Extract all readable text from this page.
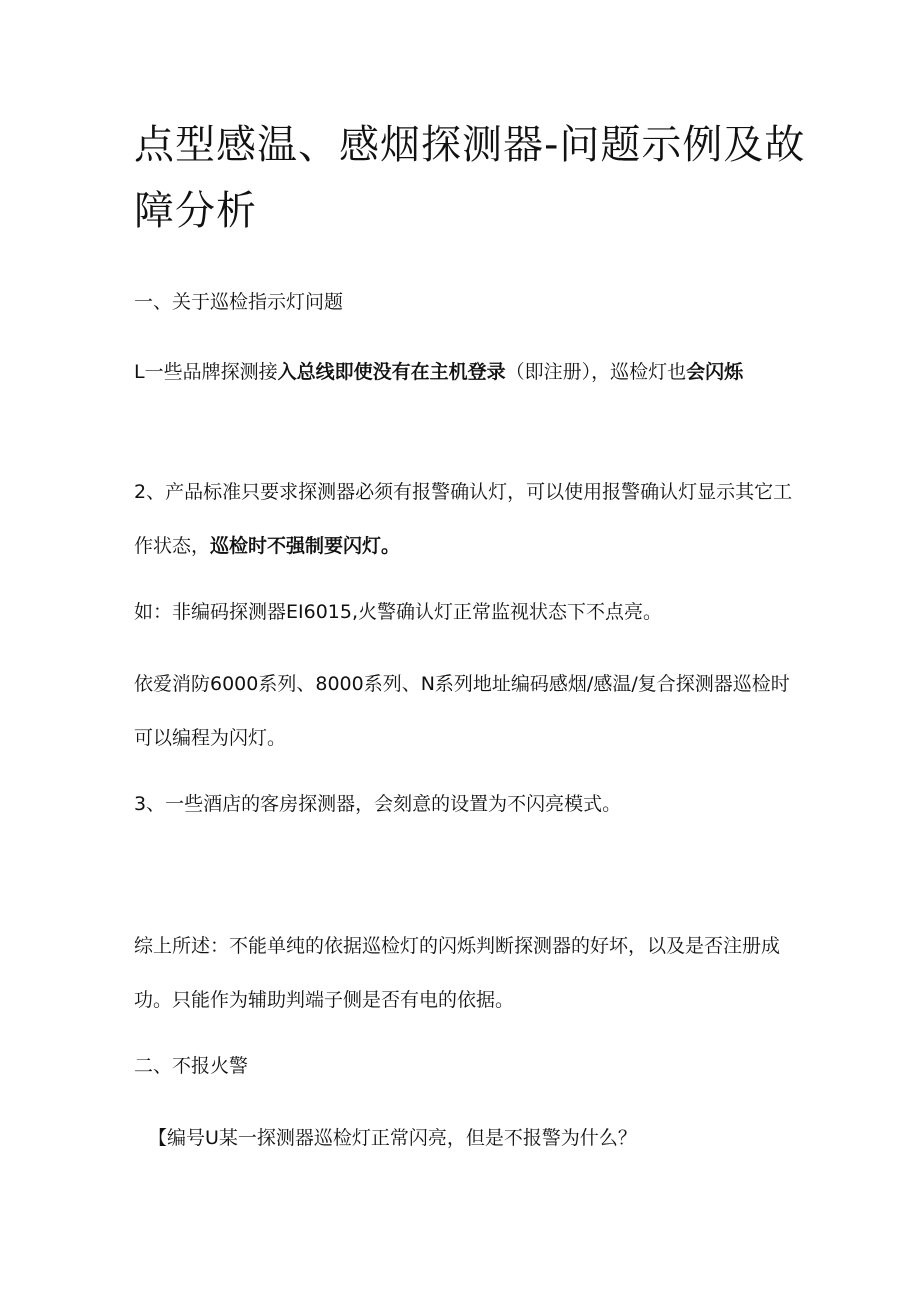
点型感温、感烟探测器-问题示例及故障分析

一、关于巡检指示灯问题

L一些品牌探测接入总线即使没有在主机登录（即注册），巡检灯也会闪烁

2、产品标准只要求探测器必须有报警确认灯，可以使用报警确认灯显示其它工作状态，巡检时不强制要闪灯。

如：非编码探测器EI6015,火警确认灯正常监视状态下不点亮。

依爱消防6000系列、8000系列、N系列地址编码感烟/感温/复合探测器巡检时可以编程为闪灯。

3、一些酒店的客房探测器，会刻意的设置为不闪亮模式。

综上所述：不能单纯的依据巡检灯的闪烁判断探测器的好坏，以及是否注册成功。只能作为辅助判端子侧是否有电的依据。

二、不报火警

【编号U某一探测器巡检灯正常闪亮，但是不报警为什么？
